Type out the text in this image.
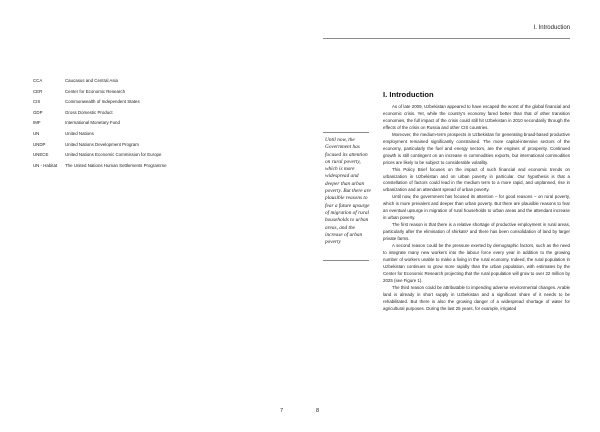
I. Introduction
CCA	Caucasus and Central Asia
CER	Center for Economic Research
CIS	Commonwealth of Independent States
GDP	Gross Domestic Product
IMF	International Monetary Fund
UN	United Nations
UNDP	United Nations Development Program
UNECE	United Nations Economic Commission for Europe
UN - Habitat	The United Nations Human Settlements Programme
Until now, the Government has focused its attention on rural poverty, which is more widespread and deeper than urban poverty. But there are plausible reasons to fear a future upsurge of migration of rural households to urban areas, and the increase of urban poverty
I. Introduction

As of late 2009, Uzbekistan appeared to have escaped the worst of the global financial and economic crisis. Yet, while the country's economy fared better than that of other transition economies, the full impact of the crisis could still hit Uzbekistan in 2010 secondarily through the effects of the crisis on Russia and other CIS countries.

Moreover, the medium-term prospects in Uzbekistan for generating broad-based productive employment remained significantly constrained. The more capital-intensive sectors of the economy, particularly the fuel and energy sectors, are the engines of prosperity. Continued growth is still contingent on an increase in commodities exports, but international commodities prices are likely to be subject to considerable volatility.

This Policy Brief focuses on the impact of such financial and economic trends on urbanization in Uzbekistan and on urban poverty in particular. Our hypothesis is that a constellation of factors could lead in the medium term to a more rapid, and unplanned, rise in urbanization and an attendant spread of urban poverty.

Until now, the government has focused its attention – for good reasons – on rural poverty, which is more prevalent and deeper than urban poverty. But there are plausible reasons to fear an eventual upsurge in migration of rural households to urban areas and the attendant increase in urban poverty.

The first reason is that there is a relative shortage of productive employment in rural areas, particularly after the elimination of shirkats¹ and there has been consolidation of land by larger private farms.

A second reason could be the pressure exerted by demographic factors, such as the need to integrate many new workers into the labour force every year in addition to the growing number of workers unable to make a living in the rural economy. Indeed, the rural population in Uzbekistan continues to grow more rapidly than the urban population, with estimates by the Center for Economic Research projecting that the rural population will grow to over 22 million by 2025 (see Figure 1).

The third reason could be attributable to impending adverse environmental changes. Arable land is already in short supply in Uzbekistan and a significant share of it needs to be rehabilitated. But there is also the growing danger of a widespread shortage of water for agricultural purposes. During the last 25 years, for example, irrigated

7	8
